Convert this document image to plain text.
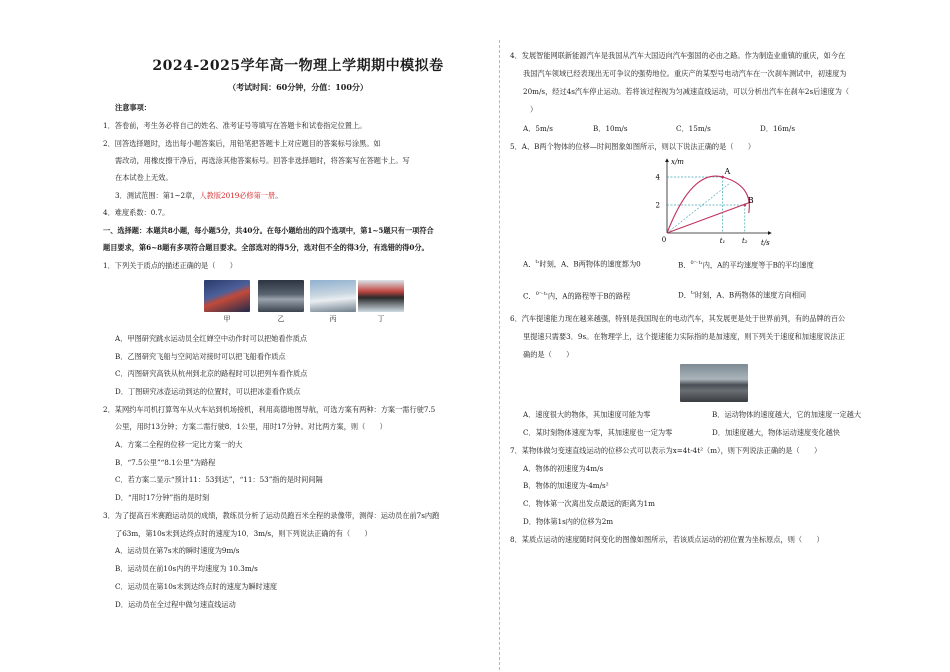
2024-2025学年高一物理上学期期中模拟卷
（考试时间：60分钟，分值：100分）
注意事项：
1．答卷前，考生务必将自己的姓名、准考证号等填写在答题卡和试卷指定位置上。
2．回答选择题时，选出每小题答案后，用铅笔把答题卡上对应题目的答案标号涂黑。如
需改动，用橡皮擦干净后，再选涂其他答案标号。回答非选择题时，将答案写在答题卡上。写
在本试卷上无效。
3．测试范围：第1~2章，人教版2019必修第一册。
4．难度系数：0.7。
一、选择题：本题共8小题，每小题5分，共40分。在每小题给出的四个选项中，第1~5题只有一项符合
题目要求，第6~8题有多项符合题目要求。全部选对的得5分，选对但不全的得3分，有选错的得0分。
1．下列关于质点的描述正确的是（　　）
甲	乙	丙	丁
A．甲图研究跳水运动员全红婵空中动作时可以把她看作质点
B．乙图研究飞船与空间站对接时可以把飞船看作质点
C．丙图研究高铁从杭州到北京的路程时可以把列车看作质点
D．丁图研究冰壶运动到达的位置时，可以把冰壶看作质点
2．某网约车司机打算驾车从火车站到机场接机，利用高德地图导航，可选方案有两种：方案一需行驶7.5
公里，用时13分钟；方案二需行驶8．1公里，用时17分钟。对比两方案，则（　　）
A．方案二全程的位移一定比方案一的大
B．“7.5公里”“8.1公里”为路程
C．若方案二显示“预计11：53到达”，“11：53”指的是时间间隔
D．“用时17分钟”指的是时刻
3．为了提高百米赛跑运动员的成绩，教练员分析了运动员跑百米全程的录像带，测得：运动员在前7s内跑
了63m，第10s末到达终点时的速度为10．3m/s，则下列说法正确的有（　　）
A．运动员在第7s末的瞬时速度为9m/s
B．运动员在前10s内的平均速度为 10.3m/s
C．运动员在第10s末到达终点时的速度为瞬时速度
D．运动员在全过程中做匀速直线运动
4．发展智能网联新能源汽车是我国从汽车大国迈向汽车强国的必由之路。作为制造业重镇的重庆，如今在
我国汽车领域已经表现出无可争议的强势地位。重庆产的某型号电动汽车在一次刹车测试中，初速度为
20m/s，经过4s汽车停止运动。若将该过程视为匀减速直线运动，可以分析出汽车在刹车2s后速度为（
）
A．5m/s	B．10m/s	C．15m/s	D．16m/s
5．A、B两个物体的位移—时间图象如图所示，则以下说法正确的是（　　）
x/m
t/s
4
2
t₁ t₂
0
A
B
A．$^{t_1}$时刻，A、B两物体的速度都为0	B．$^{0\sim t_1}$内，A的平均速度等于B的平均速度
C．$^{0\sim t_1}$内，A的路程等于B的路程	D．$^{t_2}$时刻，A、B两物体的速度方向相同
6．汽车提速能力现在越来越强，特别是我国现在的电动汽车，其发展更是处于世界前列，有的品牌的百公
里提速只需要3．9s。在物理学上，这个提速能力实际指的是加速度，则下列关于速度和加速度说法正
确的是（　　）
A．速度很大的物体，其加速度可能为零	B．运动物体的速度越大，它的加速度一定越大
C．某时刻物体速度为零，其加速度也一定为零	D．加速度越大，物体运动速度变化越快
7．某物体做匀变速直线运动的位移公式可以表示为x=4t-4t²（m），则下列说法正确的是（　　）
A．物体的初速度为4m/s
B．物体的加速度为-4m/s²
C．物体第一次离出发点最远的距离为1m
D．物体第1s内的位移为2m
8．某质点运动的速度随时间变化的图像如图所示，若该质点运动的初位置为坐标原点，则（　　）
